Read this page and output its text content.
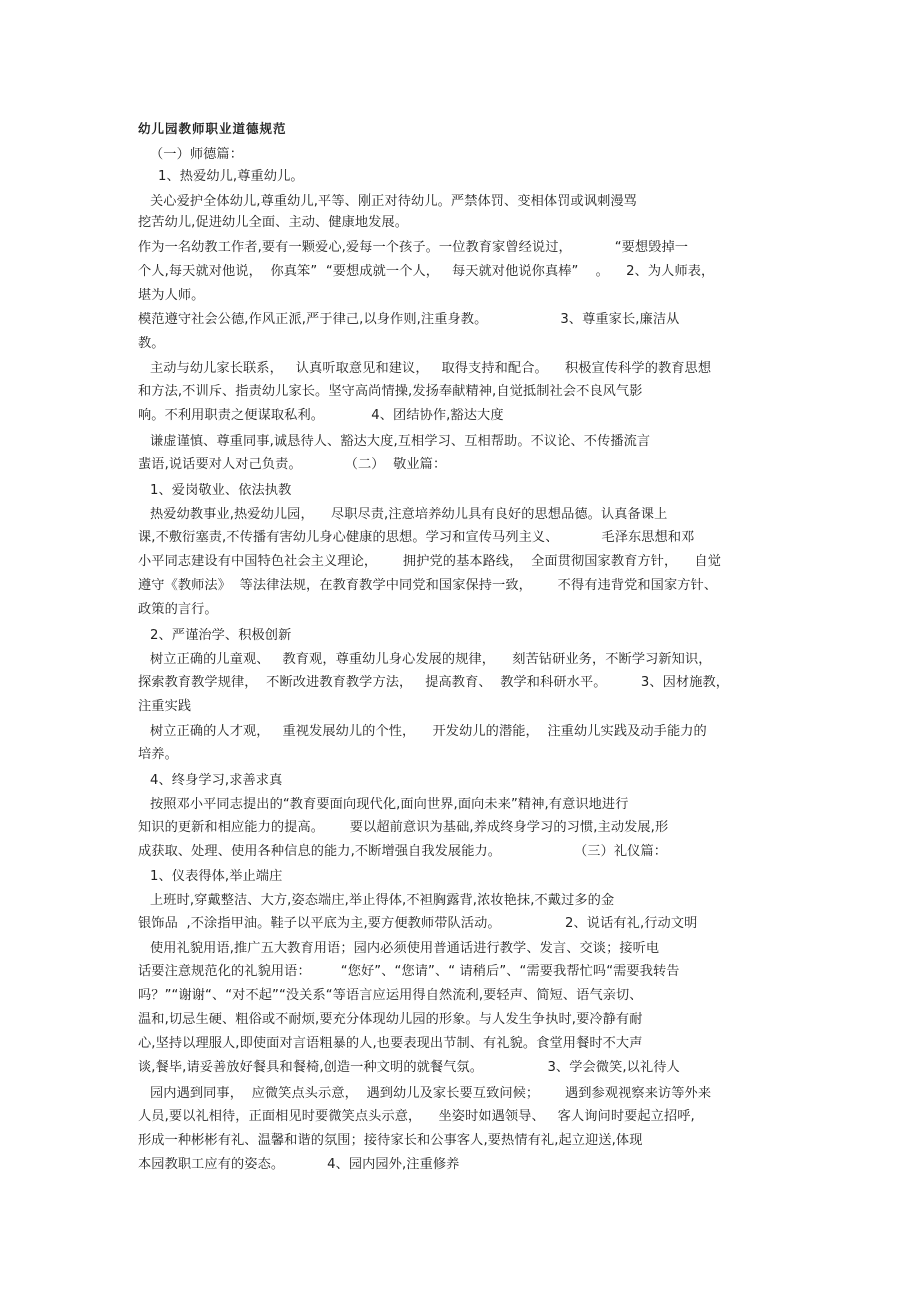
幼儿园教师职业道德规范

（一）师德篇：

1、热爱幼儿,尊重幼儿。

关心爱护全体幼儿,尊重幼儿,平等、刚正对待幼儿。严禁体罚、变相体罚或讽刺漫骂

挖苦幼儿,促进幼儿全面、主动、健康地发展。

作为一名幼教工作者,要有一颗爱心,爱每一个孩子。一位教育家曾经说过，          “要想毁掉一

个人,每天就对他说，  你真笨”  “要想成就一个人，   每天就对他说你真棒”    。    2、为人师表，

堪为人师。

模范遵守社会公德,作风正派,严于律己,以身作则,注重身教。                 3、尊重家长,廉洁从

教。

主动与幼儿家长联系，   认真听取意见和建议，   取得支持和配合。    积极宣传科学的教育思想

和方法,不训斥、指责幼儿家长。坚守高尚情操,发扬奉献精神,自觉抵制社会不良风气影

响。不利用职责之便谋取私利。           4、团结协作,豁达大度

谦虚谨慎、尊重同事,诚恳待人、豁达大度,互相学习、互相帮助。不议论、不传播流言

蜚语,说话要对人对己负责。          （二）  敬业篇：

1、爱岗敬业、依法执教

热爱幼教事业,热爱幼儿园，    尽职尽责,注意培养幼儿具有良好的思想品德。认真备课上

课,不敷衍塞责,不传播有害幼儿身心健康的思想。学习和宣传马列主义、          毛泽东思想和邓

小平同志建设有中国特色社会主义理论，      拥护党的基本路线，  全面贯彻国家教育方针，    自觉

遵守《教师法》  等法律法规，在教育教学中同党和国家保持一致，      不得有违背党和国家方针、

政策的言行。

2、严谨治学、积极创新

树立正确的儿童观、   教育观，尊重幼儿身心发展的规律，    刻苦钻研业务，不断学习新知识，

探索教育教学规律，  不断改进教育教学方法，   提高教育、  教学和科研水平。        3、因材施教，

注重实践

树立正确的人才观，   重视发展幼儿的个性，    开发幼儿的潜能，  注重幼儿实践及动手能力的

培养。

4、终身学习,求善求真

按照邓小平同志提出的“教育要面向现代化,面向世界,面向未来”精神,有意识地进行

知识的更新和相应能力的提高。      要以超前意识为基础,养成终身学习的习惯,主动发展,形

成获取、处理、使用各种信息的能力,不断增强自我发展能力。                 （三）礼仪篇：

1、仪表得体,举止端庄

上班时,穿戴整洁、大方,姿态端庄,举止得体,不袒胸露背,浓妆艳抹,不戴过多的金

银饰品  ,不涂指甲油。鞋子以平底为主,要方便教师带队活动。               2、说话有礼,行动文明

使用礼貌用语,推广五大教育用语；园内必须使用普通话进行教学、发言、交谈；接听电

话要注意规范化的礼貌用语：       “您好”、“您请”、“ 请稍后”、“需要我帮忙吗“需要我转告

吗？”“谢谢“、“对不起”“没关系“等语言应运用得自然流利,要轻声、简短、语气亲切、

温和,切忌生硬、粗俗或不耐烦,要充分体现幼儿园的形象。与人发生争执时,要冷静有耐

心,坚持以理服人,即使面对言语粗暴的人,也要表现出节制、有礼貌。食堂用餐时不大声

谈,餐毕,请妥善放好餐具和餐椅,创造一种文明的就餐气氛。               3、学会微笑,以礼待人

园内遇到同事，  应微笑点头示意，  遇到幼儿及家长要互致问候；      遇到参观视察来访等外来

人员,要以礼相待，正面相见时要微笑点头示意，    坐姿时如遇领导、   客人询问时要起立招呼,

形成一种彬彬有礼、温馨和谐的氛围；接待家长和公事客人,要热情有礼,起立迎送,体现

本园教职工应有的姿态。          4、园内园外,注重修养
